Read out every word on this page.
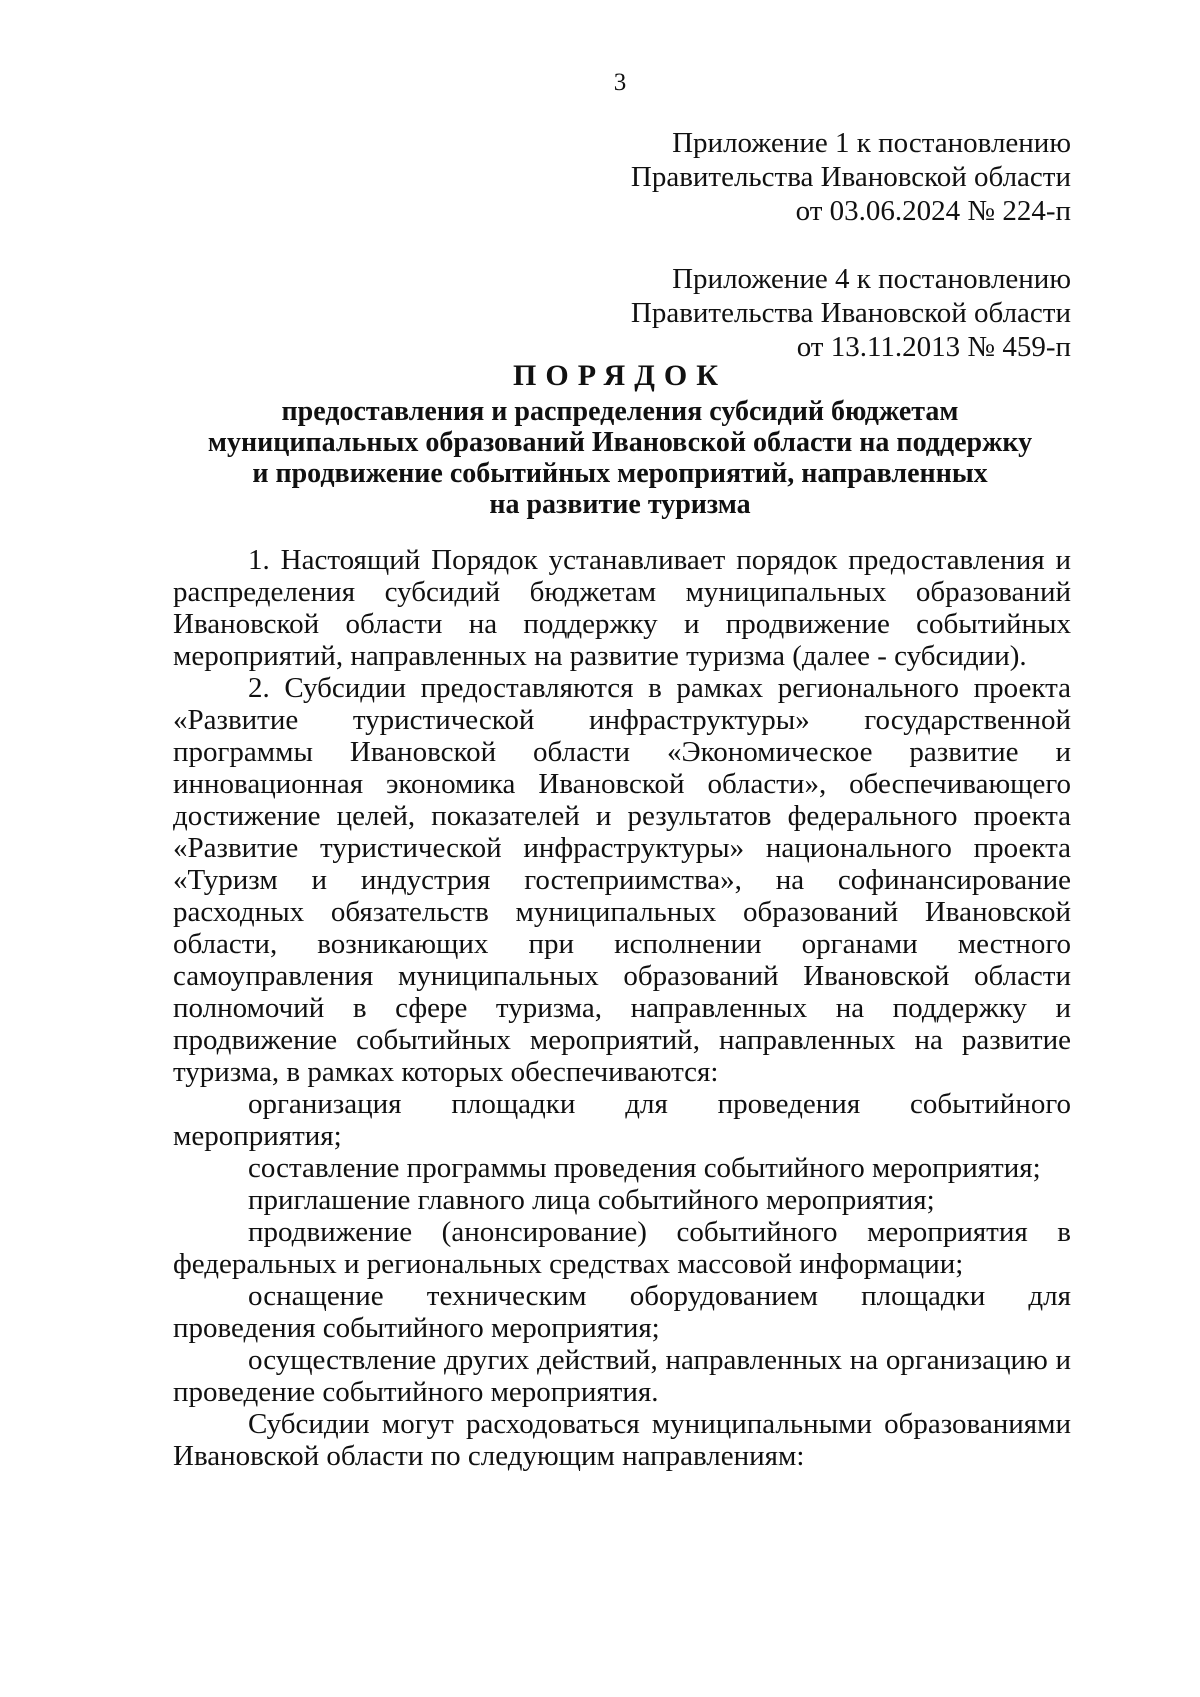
3
Приложение 1 к постановлению
Правительства Ивановской области
от 03.06.2024 № 224-п
Приложение 4 к постановлению
Правительства Ивановской области
от 13.11.2013 № 459-п
ПОРЯДОК
предоставления и распределения субсидий бюджетам
муниципальных образований Ивановской области на поддержку
и продвижение событийных мероприятий, направленных
на развитие туризма

1. Настоящий Порядок устанавливает порядок предоставления и распределения субсидий бюджетам муниципальных образований Ивановской области на поддержку и продвижение событийных мероприятий, направленных на развитие туризма (далее - субсидии).

2. Субсидии предоставляются в рамках регионального проекта «Развитие туристической инфраструктуры» государственной программы Ивановской области «Экономическое развитие и инновационная экономика Ивановской области», обеспечивающего достижение целей, показателей и результатов федерального проекта «Развитие туристической инфраструктуры» национального проекта «Туризм и индустрия гостеприимства», на софинансирование расходных обязательств муниципальных образований Ивановской области, возникающих при исполнении органами местного самоуправления муниципальных образований Ивановской области полномочий в сфере туризма, направленных на поддержку и продвижение событийных мероприятий, направленных на развитие туризма, в рамках которых обеспечиваются:

организация площадки для проведения событийного мероприятия;

составление программы проведения событийного мероприятия;

приглашение главного лица событийного мероприятия;

продвижение (анонсирование) событийного мероприятия в федеральных и региональных средствах массовой информации;

оснащение техническим оборудованием площадки для проведения событийного мероприятия;

осуществление других действий, направленных на организацию и проведение событийного мероприятия.

Субсидии могут расходоваться муниципальными образованиями Ивановской области по следующим направлениям:
